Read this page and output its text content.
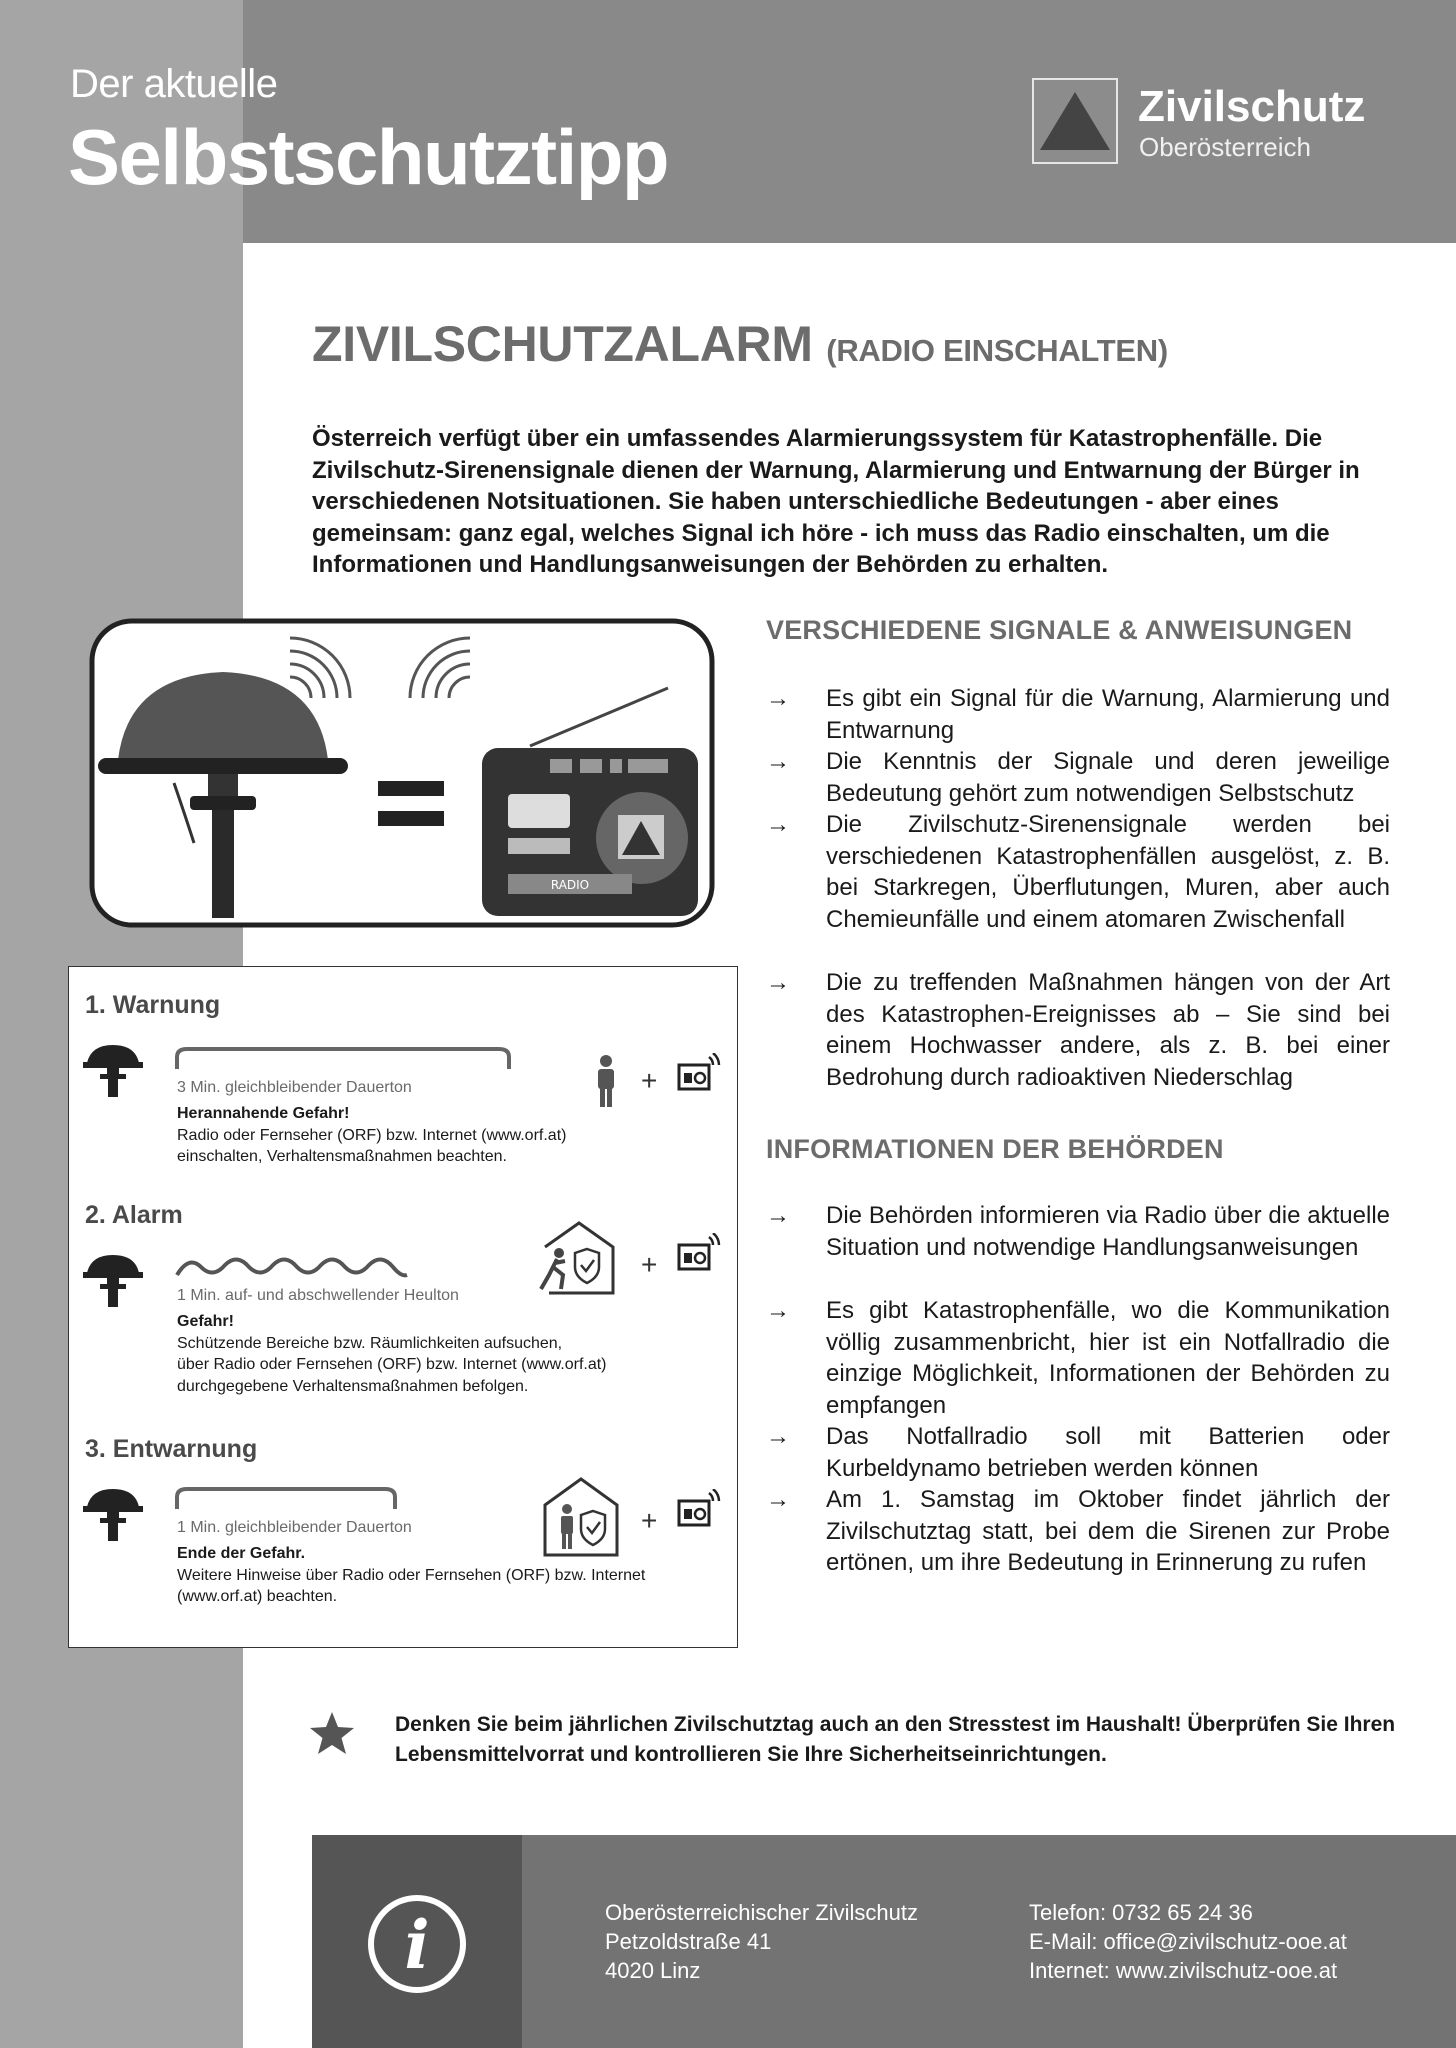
Der aktuelle
Selbstschutztipp
Zivilschutz
Oberösterreich
ZIVILSCHUTZALARM (RADIO EINSCHALTEN)
Österreich verfügt über ein umfassendes Alarmierungssystem für Katastrophenfälle. Die Zivilschutz-Sirenensignale dienen der Warnung, Alarmierung und Entwarnung der Bürger in verschiedenen Notsituationen. Sie haben unterschiedliche Bedeutungen - aber eines gemeinsam: ganz egal, welches Signal ich höre - ich muss das Radio einschalten, um die Informationen und Handlungsanweisungen der Behörden zu erhalten.
RADIO
1. Warnung
3 Min. gleichbleibender Dauerton
Herannahende Gefahr!
Radio oder Fernseher (ORF) bzw. Internet (www.orf.at)
einschalten, Verhaltensmaßnahmen beachten.
+
2. Alarm
1 Min. auf- und abschwellender Heulton
Gefahr!
Schützende Bereiche bzw. Räumlichkeiten aufsuchen,
über Radio oder Fernsehen (ORF) bzw. Internet (www.orf.at)
durchgegebene Verhaltensmaßnahmen befolgen.
+
3. Entwarnung
1 Min. gleichbleibender Dauerton
Ende der Gefahr.
Weitere Hinweise über Radio oder Fernsehen (ORF) bzw. Internet
(www.orf.at) beachten.
+
VERSCHIEDENE SIGNALE & ANWEISUNGEN
→ Es gibt ein Signal für die Warnung, Alarmierung und Entwarnung
→ Die Kenntnis der Signale und deren jeweilige Bedeutung gehört zum notwendigen Selbstschutz
→ Die Zivilschutz-Sirenensignale werden bei verschiedenen Katastrophenfällen ausgelöst, z. B. bei Starkregen, Überflutungen, Muren, aber auch Chemieunfälle und einem atomaren Zwischenfall
→ Die zu treffenden Maßnahmen hängen von der Art des Katastrophen-Ereignisses ab – Sie sind bei einem Hochwasser andere, als z. B. bei einer Bedrohung durch radioaktiven Niederschlag
INFORMATIONEN DER BEHÖRDEN
→ Die Behörden informieren via Radio über die aktuelle Situation und notwendige Handlungsanweisungen
→ Es gibt Katastrophenfälle, wo die Kommunikation völlig zusammenbricht, hier ist ein Notfallradio die einzige Möglichkeit, Informationen der Behörden zu empfangen
→ Das Notfallradio soll mit Batterien oder Kurbeldynamo betrieben werden können
→ Am 1. Samstag im Oktober findet jährlich der Zivilschutztag statt, bei dem die Sirenen zur Probe ertönen, um ihre Bedeutung in Erinnerung zu rufen
Denken Sie beim jährlichen Zivilschutztag auch an den Stresstest im Haushalt! Überprüfen Sie Ihren Lebensmittelvorrat und kontrollieren Sie Ihre Sicherheitseinrichtungen.
i	Oberösterreichischer Zivilschutz
Petzoldstraße 41
4020 Linz
Telefon: 0732 65 24 36
E-Mail: office@zivilschutz-ooe.at
Internet: www.zivilschutz-ooe.at
